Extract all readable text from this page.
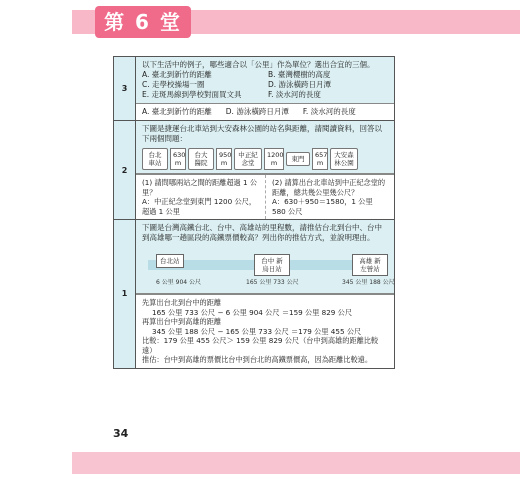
第 6 堂
3
以下生活中的例子，哪些適合以「公里」作為單位？選出合宜的三個。
A. 臺北到新竹的距離	B. 臺灣櫻樹的高度
C. 走學校操場一圈	D. 游泳橫跨日月潭
E. 走斑馬線到學校對面買文具	F. 淡水河的長度
A. 臺北到新竹的距離 D. 游泳橫跨日月潭 F. 淡水河的長度
2
下圖是捷運台北車站到大安森林公園的站名與距離，請閱讀資料，回答以下兩個問題：
台北車站
630 m
台大醫院
950 m
中正紀念堂
1200 m	東門	657 m
大安森林公園
(1) 請問哪兩站之間的距離超過 1 公里？
A：中正紀念堂到東門 1200 公尺，超過 1 公里
(2) 請算出台北車站到中正紀念堂的距離，總共幾公里幾公尺？
A：630＋950＝1580，1 公里 580 公尺
1
下圖是台灣高鐵台北、台中、高雄站的里程數，請推估台北到台中、台中到高雄哪一趟區段的高鐵票價較高？列出你的推估方式，並說明理由。
台北站	台中 新烏日站
高雄 新左營站
6 公里 904 公尺	165 公里 733 公尺	345 公里 188 公尺
先算出台北到台中的距離
165 公里 733 公尺 − 6 公里 904 公尺 ＝159 公里 829 公尺
再算出台中到高雄的距離
345 公里 188 公尺 − 165 公里 733 公尺 ＝179 公里 455 公尺
比較：179 公里 455 公尺＞ 159 公里 829 公尺（台中到高雄的距離比較遠）
推估：台中到高雄的票價比台中到台北的高鐵票價高，因為距離比較遠。
34
